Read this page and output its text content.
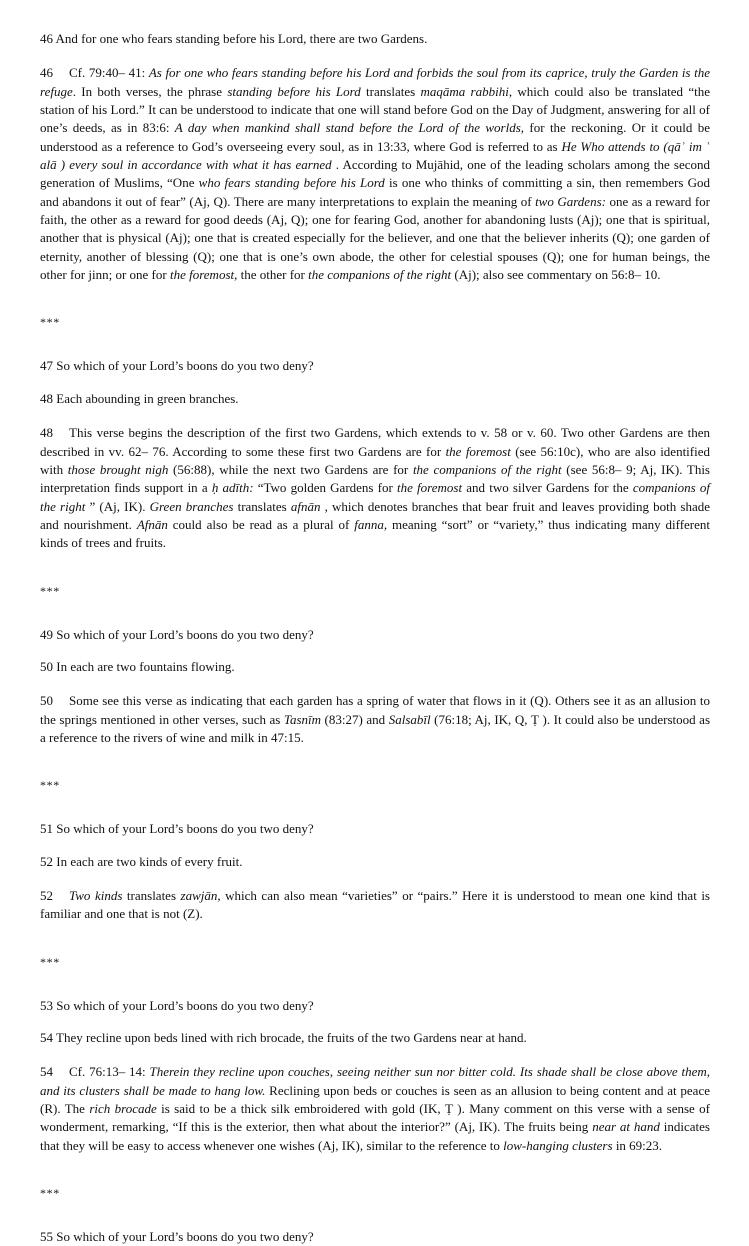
46 And for one who fears standing before his Lord, there are two Gardens.

46 Cf. 79:40– 41: As for one who fears standing before his Lord and forbids the soul from its caprice, truly the Garden is the refuge. In both verses, the phrase standing before his Lord translates maqāma rabbihi, which could also be translated “the station of his Lord.” It can be understood to indicate that one will stand before God on the Day of Judgment, answering for all of one’s deeds, as in 83:6: A day when mankind shall stand before the Lord of the worlds, for the reckoning. Or it could be understood as a reference to God’s overseeing every soul, as in 13:33, where God is referred to as He Who attends to (qāʾ im ʿ alā ) every soul in accordance with what it has earned . According to Mujāhid, one of the leading scholars among the second generation of Muslims, “One who fears standing before his Lord is one who thinks of committing a sin, then remembers God and abandons it out of fear” (Aj, Q). There are many interpretations to explain the meaning of two Gardens: one as a reward for faith, the other as a reward for good deeds (Aj, Q); one for fearing God, another for abandoning lusts (Aj); one that is spiritual, another that is physical (Aj); one that is created especially for the believer, and one that the believer inherits (Q); one garden of eternity, another of blessing (Q); one that is one’s own abode, the other for celestial spouses (Q); one for human beings, the other for jinn; or one for the foremost, the other for the companions of the right (Aj); also see commentary on 56:8– 10.

***

47 So which of your Lord’s boons do you two deny?

48 Each abounding in green branches.

48 This verse begins the description of the first two Gardens, which extends to v. 58 or v. 60. Two other Gardens are then described in vv. 62– 76. According to some these first two Gardens are for the foremost (see 56:10c), who are also identified with those brought nigh (56:88), while the next two Gardens are for the companions of the right (see 56:8– 9; Aj, IK). This interpretation finds support in a ḥ adīth: “Two golden Gardens for the foremost and two silver Gardens for the companions of the right ” (Aj, IK). Green branches translates afnān , which denotes branches that bear fruit and leaves providing both shade and nourishment. Afnān could also be read as a plural of fanna, meaning “sort” or “variety,” thus indicating many different kinds of trees and fruits.

***

49 So which of your Lord’s boons do you two deny?

50 In each are two fountains flowing.

50 Some see this verse as indicating that each garden has a spring of water that flows in it (Q). Others see it as an allusion to the springs mentioned in other verses, such as Tasnīm (83:27) and Salsabīl (76:18; Aj, IK, Q, Ṭ ). It could also be understood as a reference to the rivers of wine and milk in 47:15.

***

51 So which of your Lord’s boons do you two deny?

52 In each are two kinds of every fruit.

52 Two kinds translates zawjān, which can also mean “varieties” or “pairs.” Here it is understood to mean one kind that is familiar and one that is not (Z).

***

53 So which of your Lord’s boons do you two deny?

54 They recline upon beds lined with rich brocade, the fruits of the two Gardens near at hand.

54 Cf. 76:13– 14: Therein they recline upon couches, seeing neither sun nor bitter cold. Its shade shall be close above them, and its clusters shall be made to hang low. Reclining upon beds or couches is seen as an allusion to being content and at peace (R). The rich brocade is said to be a thick silk embroidered with gold (IK, Ṭ ). Many comment on this verse with a sense of wonderment, remarking, “If this is the exterior, then what about the interior?” (Aj, IK). The fruits being near at hand indicates that they will be easy to access whenever one wishes (Aj, IK), similar to the reference to low-hanging clusters in 69:23.

***

55 So which of your Lord’s boons do you two deny?
